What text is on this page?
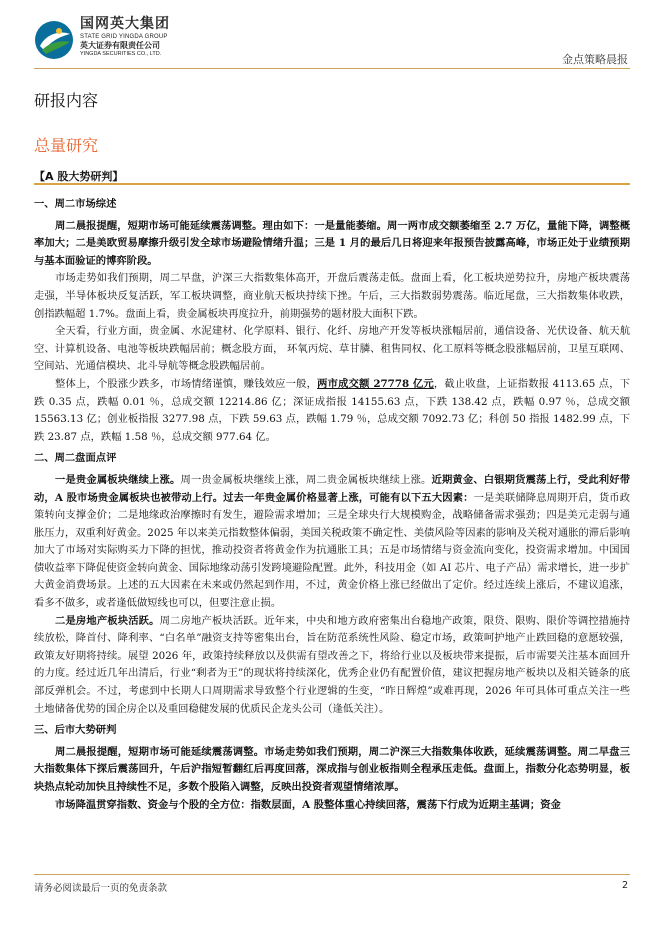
国网英大集团
STATE GRID YINGDA GROUP
英大证券有限责任公司
YINGDA SECURITIES CO., LTD.	金点策略晨报
研报内容
总量研究
【A 股大势研判】

一、周二市场综述

周二晨报提醒，短期市场可能延续震荡调整。理由如下：一是量能萎缩。周一两市成交额萎缩至 2.7 万亿，量能下降，调整概率加大；二是美欧贸易摩擦升级引发全球市场避险情绪升温；三是 1 月的最后几日将迎来年报预告披露高峰，市场正处于业绩预期与基本面验证的博弈阶段。

市场走势如我们预期，周二早盘，沪深三大指数集体高开，开盘后震荡走低。盘面上看，化工板块逆势拉升，房地产板块震荡走强，半导体板块反复活跃，军工板块调整，商业航天板块持续下挫。午后，三大指数弱势震荡。临近尾盘，三大指数集体收跌，创指跌幅超 1.7%。盘面上看，贵金属板块再度拉升，前期强势的题材股大面积下跌。

全天看，行业方面，贵金属、水泥建材、化学原料、银行、化纤、房地产开发等板块涨幅居前，通信设备、光伏设备、航天航空、计算机设备、电池等板块跌幅居前；概念股方面， 环氧丙烷、草甘膦、租售同权、化工原料等概念股涨幅居前，卫星互联网、空间站、光通信模块、北斗导航等概念股跌幅居前。

整体上，个股涨少跌多，市场情绪谨慎，赚钱效应一般，两市成交额 27778 亿元，截止收盘，上证指数报 4113.65 点，下跌 0.35 点，跌幅 0.01 ％，总成交额 12214.86 亿；深证成指报 14155.63 点，下跌 138.42 点，跌幅 0.97 ％，总成交额 15563.13 亿；创业板指报 3277.98 点，下跌 59.63 点，跌幅 1.79 ％，总成交额 7092.73 亿；科创 50 指报 1482.99 点，下跌 23.87 点，跌幅 1.58 ％，总成交额 977.64 亿。

二、周二盘面点评

一是贵金属板块继续上涨。周一贵金属板块继续上涨，周二贵金属板块继续上涨。近期黄金、白银期货震荡上行，受此利好带动，A 股市场贵金属板块也被带动上行。过去一年贵金属价格显著上涨，可能有以下五大因素：一是美联储降息周期开启，货币政策转向支撑金价；二是地缘政治摩擦时有发生，避险需求增加；三是全球央行大规模购金，战略储备需求强劲；四是美元走弱与通胀压力，双重利好黄金。2025 年以来美元指数整体偏弱，美国关税政策不确定性、美债风险等因素的影响及关税对通胀的滞后影响加大了市场对实际购买力下降的担忧，推动投资者将黄金作为抗通胀工具；五是市场情绪与资金流向变化，投资需求增加。中国国债收益率下降促使资金转向黄金、国际地缘动荡引发跨境避险配置。此外，科技用金（如 AI 芯片、电子产品）需求增长，进一步扩大黄金消费场景。上述的五大因素在未来或仍然起到作用，不过，黄金价格上涨已经做出了定价。经过连续上涨后，不建议追涨，看多不做多，或者逢低做短线也可以，但要注意止损。

二是房地产板块活跃。周二房地产板块活跃。近年来，中央和地方政府密集出台稳地产政策，限贷、限购、限价等调控措施持续放松，降首付、降利率、“白名单”融资支持等密集出台，旨在防范系统性风险、稳定市场，政策呵护地产止跌回稳的意愿较强，政策友好期将持续。展望 2026 年，政策持续释放以及供需有望改善之下，将给行业以及板块带来提振，后市需要关注基本面回升的力度。经过近几年出清后，行业“剩者为王”的现状将持续深化，优秀企业仍有配置价值，建议把握房地产板块以及相关链条的底部反弹机会。不过，考虑到中长期人口周期需求导致整个行业逻辑的生变，“昨日辉煌”或难再现，2026 年可具体可重点关注一些土地储备优势的国企房企以及重回稳健发展的优质民企龙头公司（逢低关注）。

三、后市大势研判

周二晨报提醒，短期市场可能延续震荡调整。市场走势如我们预期，周二沪深三大指数集体收跌，延续震荡调整。周二早盘三大指数集体下探后震荡回升，午后沪指短暂翻红后再度回落，深成指与创业板指则全程承压走低。盘面上，指数分化态势明显，板块热点轮动加快且持续性不足，多数个股陷入调整，反映出投资者观望情绪浓厚。

市场降温贯穿指数、资金与个股的全方位：指数层面，A 股整体重心持续回落，震荡下行成为近期主基调；资金

请务必阅读最后一页的免责条款	2
